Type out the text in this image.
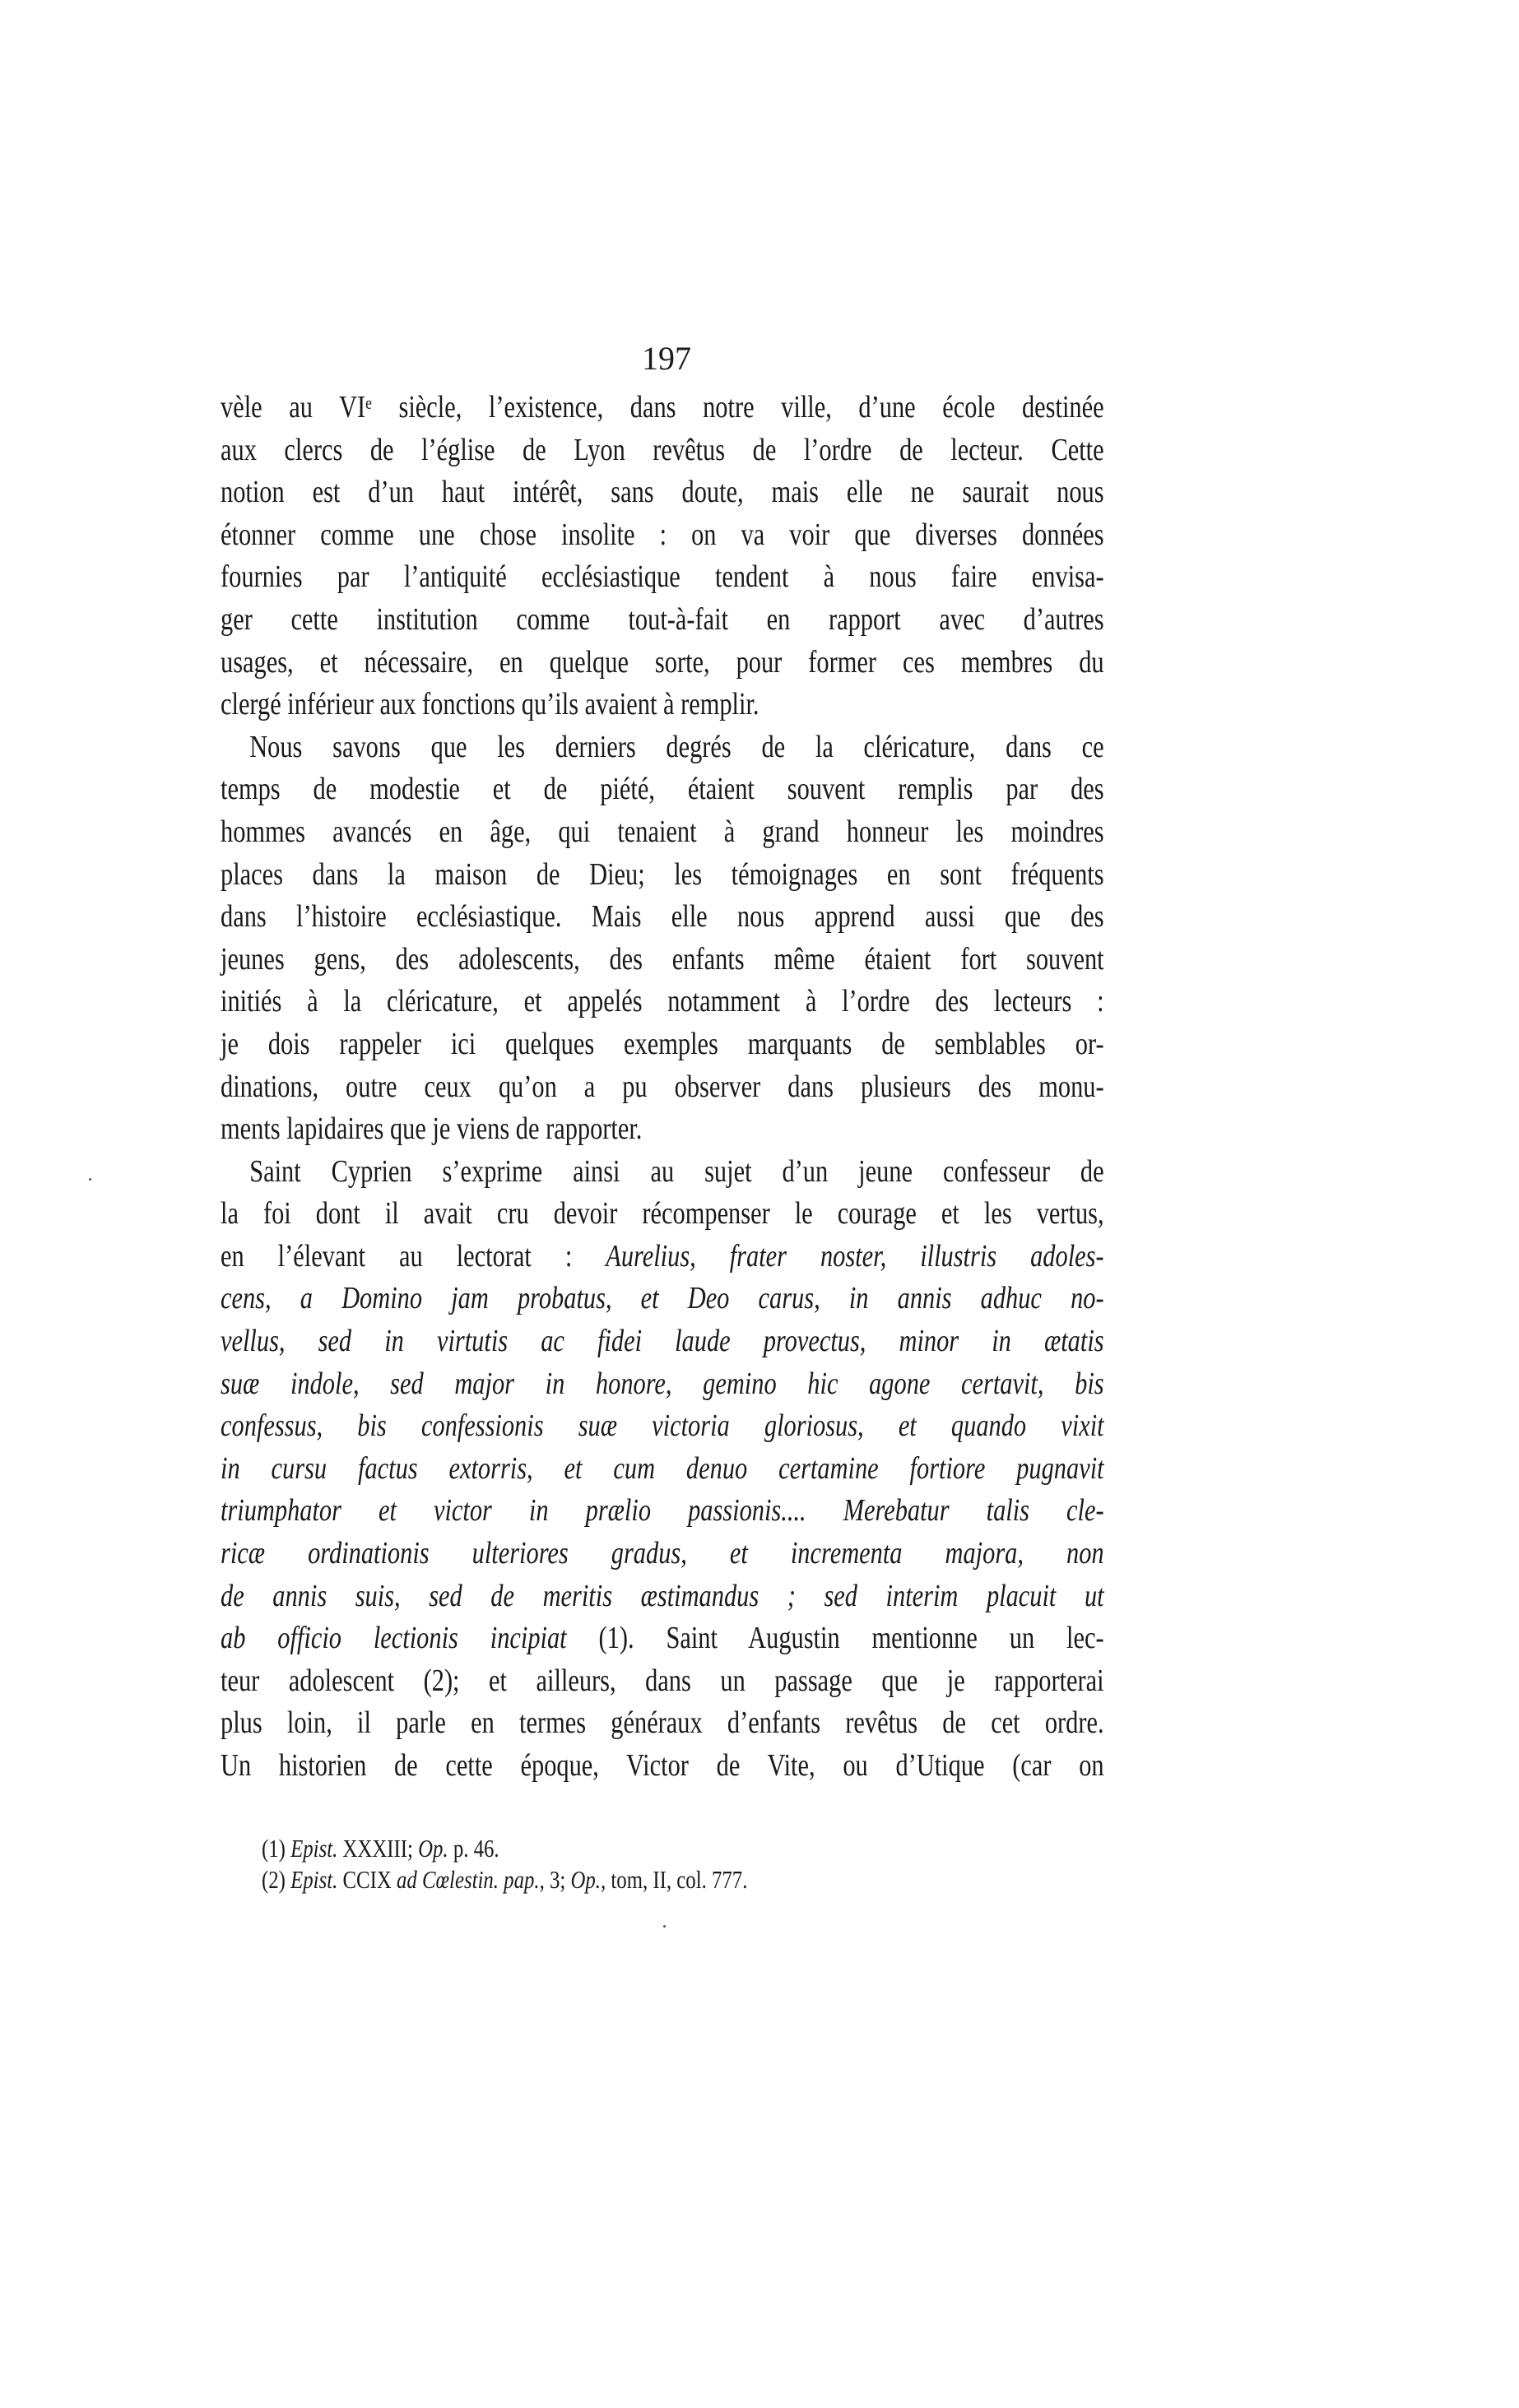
197
vèle au VIe siècle, l’existence, dans notre ville, d’une école destinée
aux clercs de l’église de Lyon revêtus de l’ordre de lecteur. Cette
notion est d’un haut intérêt, sans doute, mais elle ne saurait nous
étonner comme une chose insolite : on va voir que diverses données
fournies par l’antiquité ecclésiastique tendent à nous faire envisa-
ger cette institution comme tout-à-fait en rapport avec d’autres
usages, et nécessaire, en quelque sorte, pour former ces membres du
clergé inférieur aux fonctions qu’ils avaient à remplir.
Nous savons que les derniers degrés de la cléricature, dans ce
temps de modestie et de piété, étaient souvent remplis par des
hommes avancés en âge, qui tenaient à grand honneur les moindres
places dans la maison de Dieu; les témoignages en sont fréquents
dans l’histoire ecclésiastique. Mais elle nous apprend aussi que des
jeunes gens, des adolescents, des enfants même étaient fort souvent
initiés à la cléricature, et appelés notamment à l’ordre des lecteurs :
je dois rappeler ici quelques exemples marquants de semblables or-
dinations, outre ceux qu’on a pu observer dans plusieurs des monu-
ments lapidaires que je viens de rapporter.
Saint Cyprien s’exprime ainsi au sujet d’un jeune confesseur de
la foi dont il avait cru devoir récompenser le courage et les vertus,
en l’élevant au lectorat : Aurelius, frater noster, illustris adoles-
cens, a Domino jam probatus, et Deo carus, in annis adhuc no-
vellus, sed in virtutis ac fidei laude provectus, minor in ætatis
suæ indole, sed major in honore, gemino hic agone certavit, bis
confessus, bis confessionis suæ victoria gloriosus, et quando vixit
in cursu factus extorris, et cum denuo certamine fortiore pugnavit
triumphator et victor in prælio passionis.... Merebatur talis cle-
ricæ ordinationis ulteriores gradus, et incrementa majora, non
de annis suis, sed de meritis æstimandus ; sed interim placuit ut
ab officio lectionis incipiat (1). Saint Augustin mentionne un lec-
teur adolescent (2); et ailleurs, dans un passage que je rapporterai
plus loin, il parle en termes généraux d’enfants revêtus de cet ordre.
Un historien de cette époque, Victor de Vite, ou d’Utique (car on
(1) Epist. XXXIII; Op. p. 46.
(2) Epist. CCIX ad Cœlestin. pap., 3; Op., tom, II, col. 777.
